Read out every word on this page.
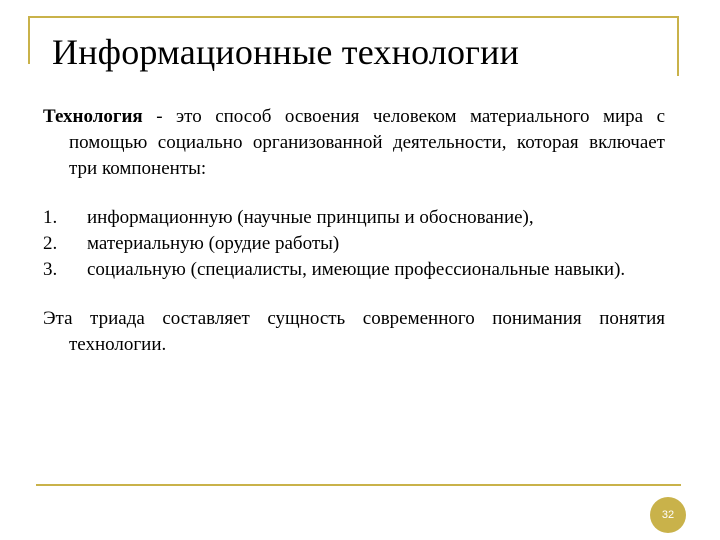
Информационные технологии

Технология - это способ освоения человеком материального мира с помощью социально организованной деятельности, которая включает три компоненты:

1. информационную (научные принципы и обоснование),
2. материальную (орудие работы)
3. социальную (специалисты, имеющие профессиональные навыки).

Эта триада составляет сущность современного понимания понятия технологии.

32
